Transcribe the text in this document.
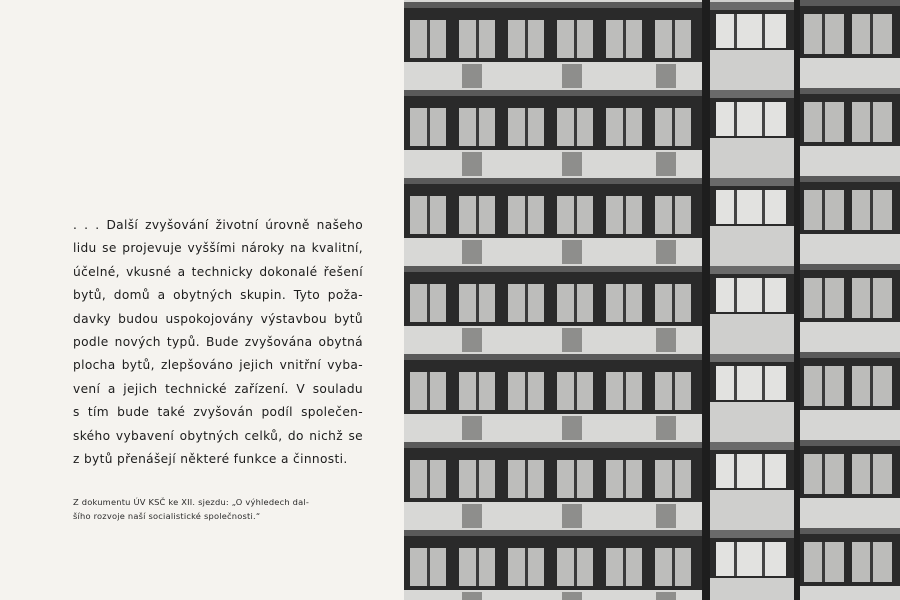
. . . Další zvyšování životní úrovně našeho
lidu se projevuje vyššími nároky na kvalitní,
účelné, vkusné a technicky dokonalé řešení
bytů, domů a obytných skupin. Tyto poža-
davky budou uspokojovány výstavbou bytů
podle nových typů. Bude zvyšována obytná
plocha bytů, zlepšováno jejich vnitřní vyba-
vení a jejich technické zařízení. V souladu
s tím bude také zvyšován podíl společen-
ského vybavení obytných celků, do nichž se
z bytů přenášejí některé funkce a činnosti.
Z dokumentu ÚV KSČ ke XII. sjezdu: „O výhledech dal-
šího rozvoje naší socialistické společnosti.“
